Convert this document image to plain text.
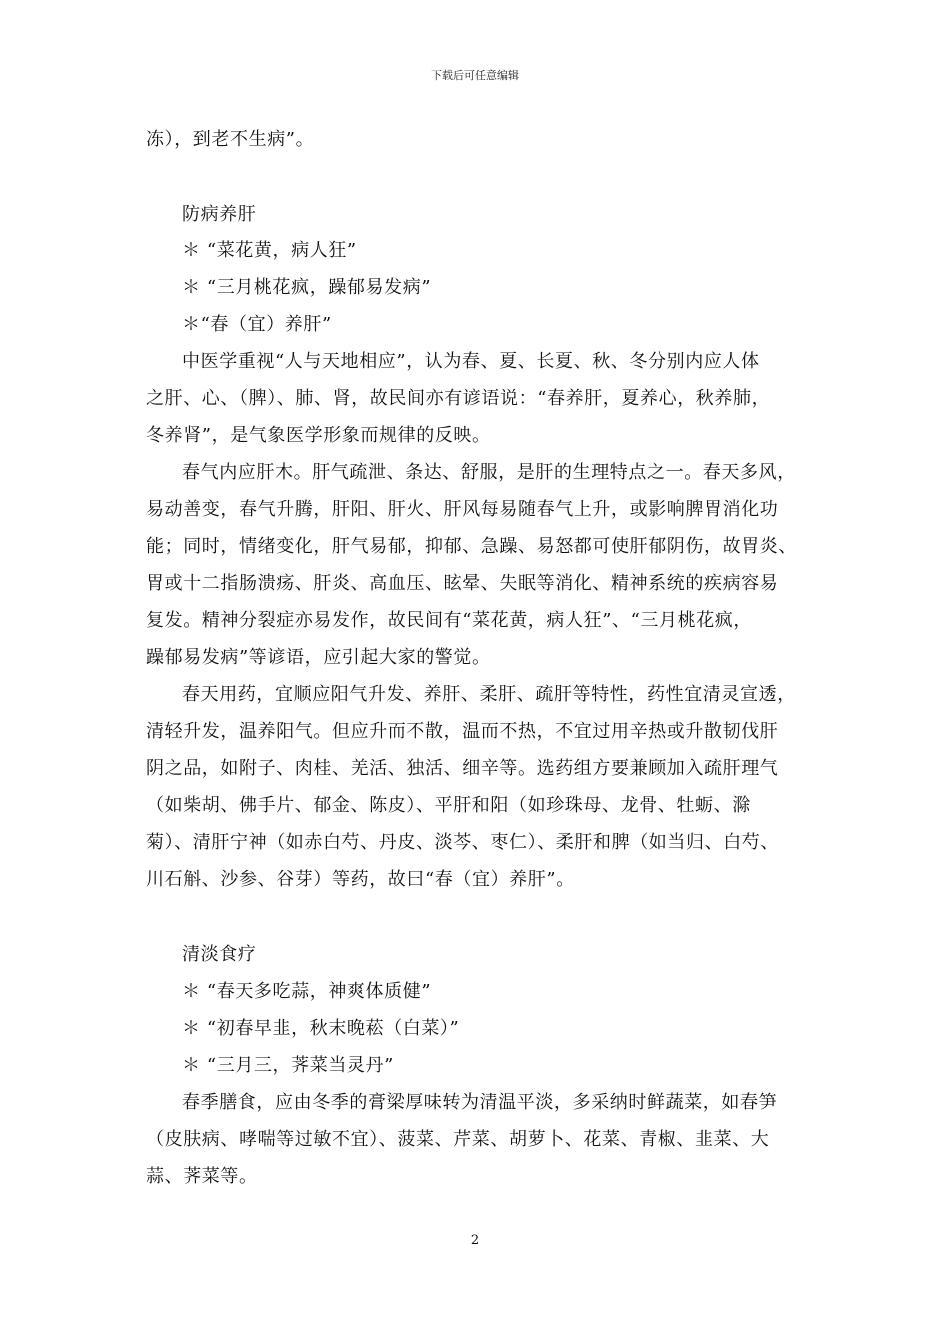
下载后可任意编辑
冻），到老不生病”。
防病养肝
＊ “菜花黄，病人狂”
＊ “三月桃花疯，躁郁易发病”
＊“春（宜）养肝”
中医学重视“人与天地相应”，认为春、夏、长夏、秋、冬分别内应人体
之肝、心、（脾）、肺、肾，故民间亦有谚语说：“春养肝，夏养心，秋养肺，
冬养肾”，是气象医学形象而规律的反映。
春气内应肝木。肝气疏泄、条达、舒服，是肝的生理特点之一。春天多风，
易动善变，春气升腾，肝阳、肝火、肝风每易随春气上升，或影响脾胃消化功
能；同时，情绪变化，肝气易郁，抑郁、急躁、易怒都可使肝郁阴伤，故胃炎、
胃或十二指肠溃疡、肝炎、高血压、眩晕、失眠等消化、精神系统的疾病容易
复发。精神分裂症亦易发作，故民间有“菜花黄，病人狂”、“三月桃花疯，
躁郁易发病”等谚语，应引起大家的警觉。
春天用药，宜顺应阳气升发、养肝、柔肝、疏肝等特性，药性宜清灵宣透，
清轻升发，温养阳气。但应升而不散，温而不热，不宜过用辛热或升散韧伐肝
阴之品，如附子、肉桂、羌活、独活、细辛等。选药组方要兼顾加入疏肝理气
（如柴胡、佛手片、郁金、陈皮）、平肝和阳（如珍珠母、龙骨、牡蛎、滁
菊）、清肝宁神（如赤白芍、丹皮、淡芩、枣仁）、柔肝和脾（如当归、白芍、
川石斛、沙参、谷芽）等药，故曰“春（宜）养肝”。
清淡食疗
＊ “春天多吃蒜，神爽体质健”
＊ “初春早韭，秋末晚菘（白菜）”
＊ “三月三，荠菜当灵丹”
春季膳食，应由冬季的膏梁厚味转为清温平淡，多采纳时鲜蔬菜，如春笋
（皮肤病、哮喘等过敏不宜）、菠菜、芹菜、胡萝卜、花菜、青椒、韭菜、大
蒜、荠菜等。
2
